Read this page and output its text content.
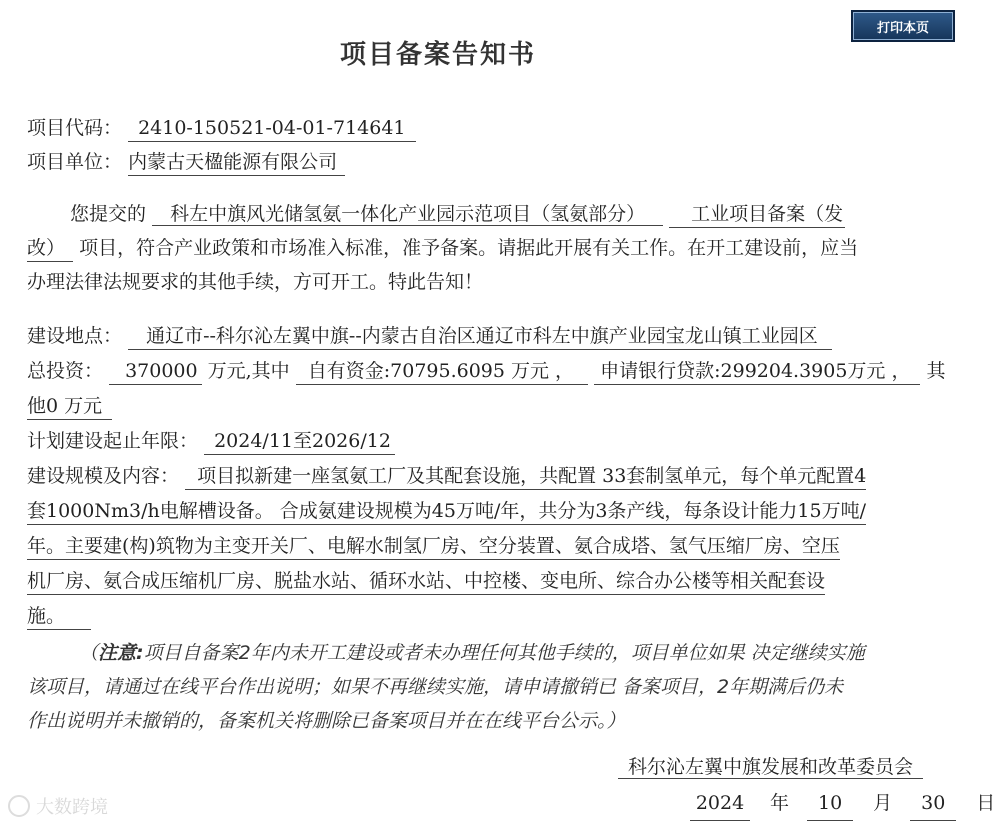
打印本页
项目备案告知书
项目代码： 2410-150521-04-01-714641
项目单位： 内蒙古天楹能源有限公司
您提交的 科左中旗风光储氢氨一体化产业园示范项目（氢氨部分） 工业项目备案（发
改） 项目，符合产业政策和市场准入标准，准予备案。请据此开展有关工作。在开工建设前，应当
办理法律法规要求的其他手续，方可开工。特此告知！
建设地点： 通辽市--科尔沁左翼中旗--内蒙古自治区通辽市科左中旗产业园宝龙山镇工业园区
总投资： 370000 万元,其中 自有资金:70795.6095 万元 ， 申请银行贷款:299204.3905万元 ， 其
他0 万元
计划建设起止年限： 2024/11至2026/12
建设规模及内容： 项目拟新建一座氢氨工厂及其配套设施，共配置 33套制氢单元，每个单元配置4
套1000Nm3/h电解槽设备。 合成氨建设规模为45万吨/年，共分为3条产线，每条设计能力15万吨/
年。主要建(构)筑物为主变开关厂、电解水制氢厂房、空分装置、氨合成塔、氢气压缩厂房、空压
机厂房、氨合成压缩机厂房、脱盐水站、循环水站、中控楼、变电所、综合办公楼等相关配套设
施。
（注意:项目自备案2年内未开工建设或者未办理任何其他手续的，项目单位如果 决定继续实施
该项目，请通过在线平台作出说明；如果不再继续实施，请申请撤销已 备案项目，2年期满后仍未
作出说明并未撤销的，备案机关将删除已备案项目并在在线平台公示。）
科尔沁左翼中旗发展和改革委员会
2024 年 10 月 30 日
大数跨境
